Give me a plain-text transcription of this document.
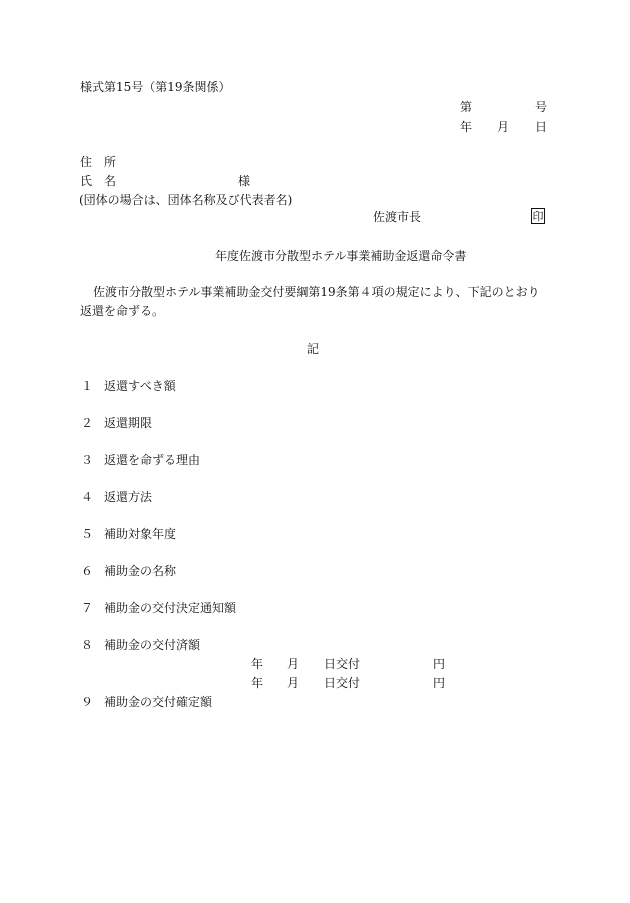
様式第15号（第19条関係）
第	号
年 月 日
住　所
氏　名	様
(団体の場合は、団体名称及び代表者名)
佐渡市長	印
年度佐渡市分散型ホテル事業補助金返還命令書
佐渡市分散型ホテル事業補助金交付要綱第19条第４項の規定により、下記のとおり
返還を命ずる。
記
１ 返還すべき額
２ 返還期限
３ 返還を命ずる理由
４ 返還方法
５ 補助対象年度
６ 補助金の名称
７ 補助金の交付決定通知額
８ 補助金の交付済額
年 月 日交付	円
年 月 日交付	円
９ 補助金の交付確定額
